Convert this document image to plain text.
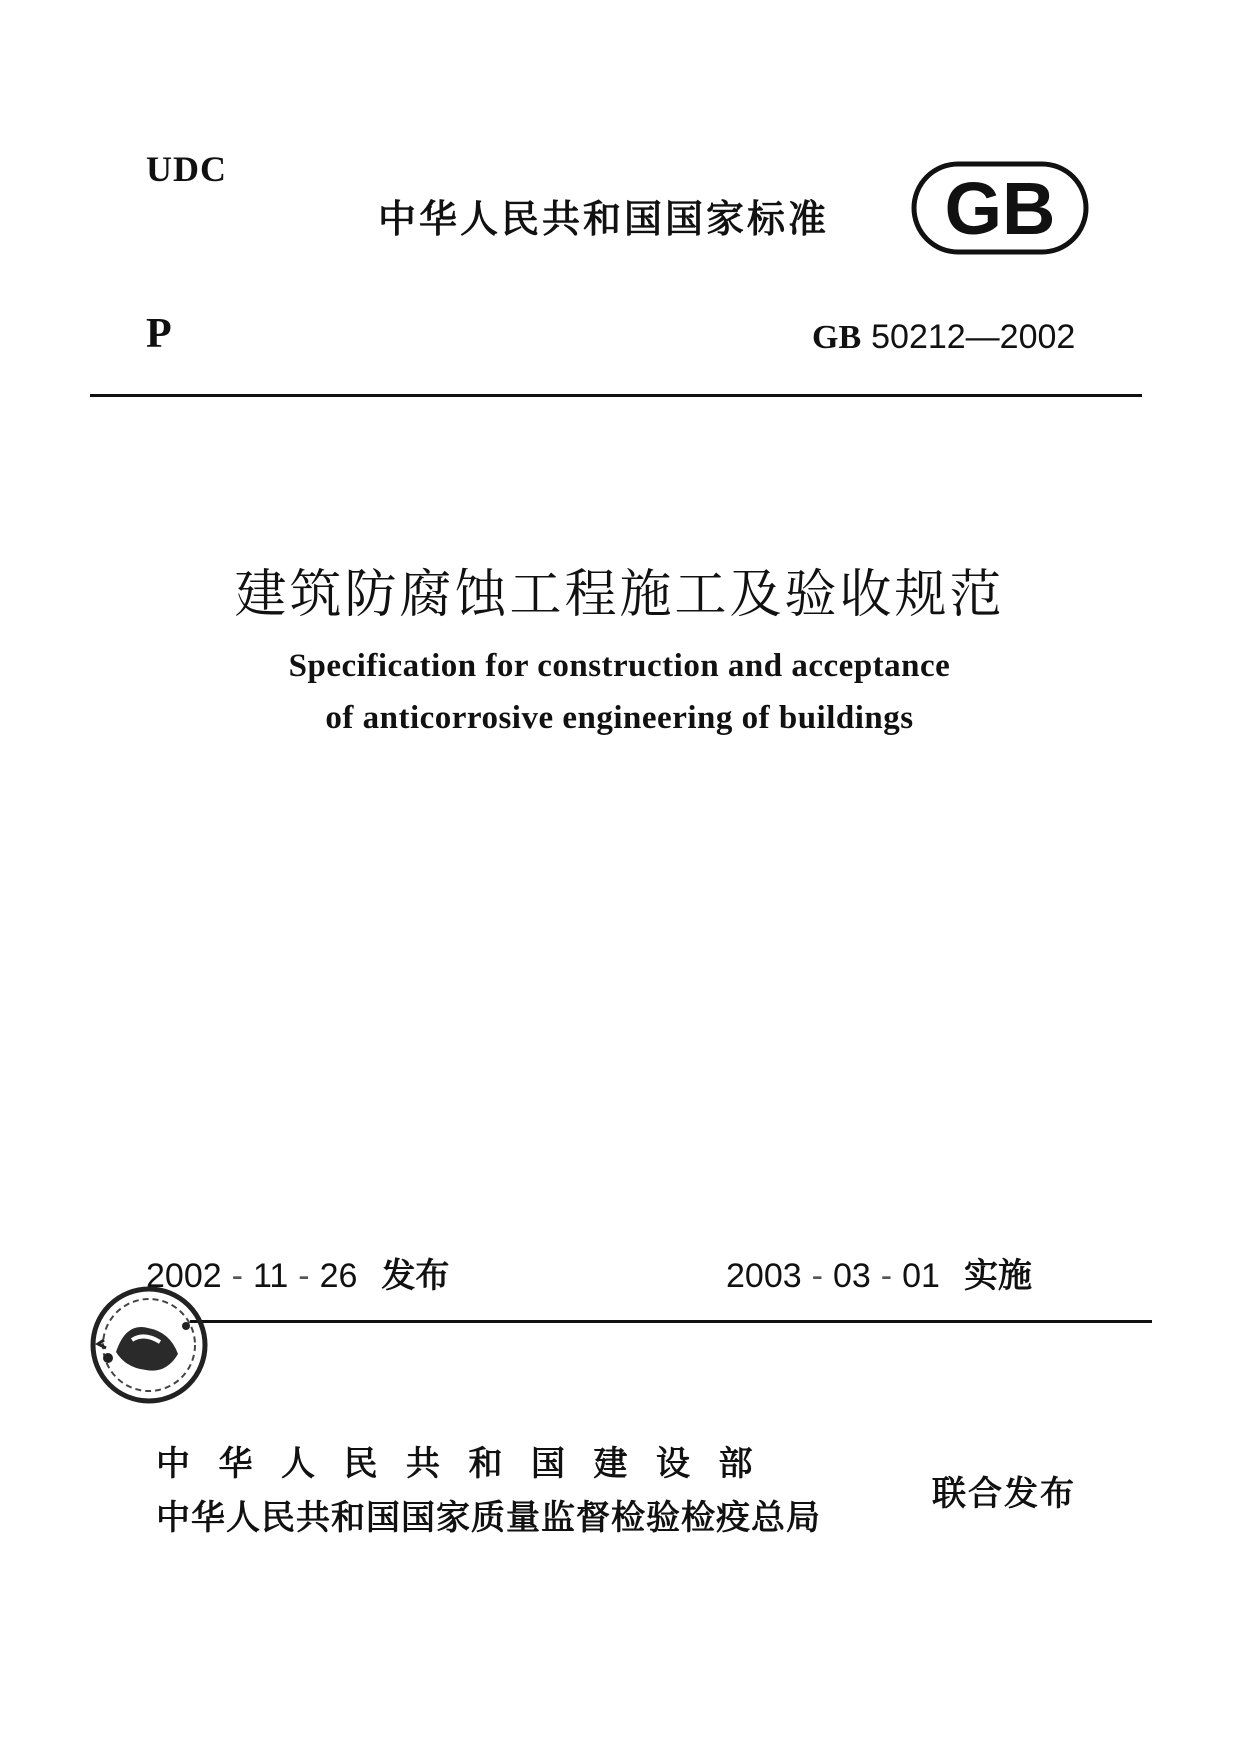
UDC
中华人民共和国国家标准 GB
P	GB 50212—2002
建筑防腐蚀工程施工及验收规范
Specification for construction and acceptance
of anticorrosive engineering of buildings
2002 - 11 - 26 发布	2003 - 03 - 01 实施
中华人民共和国建设部
中华人民共和国国家质量监督检验检疫总局
联合发布
